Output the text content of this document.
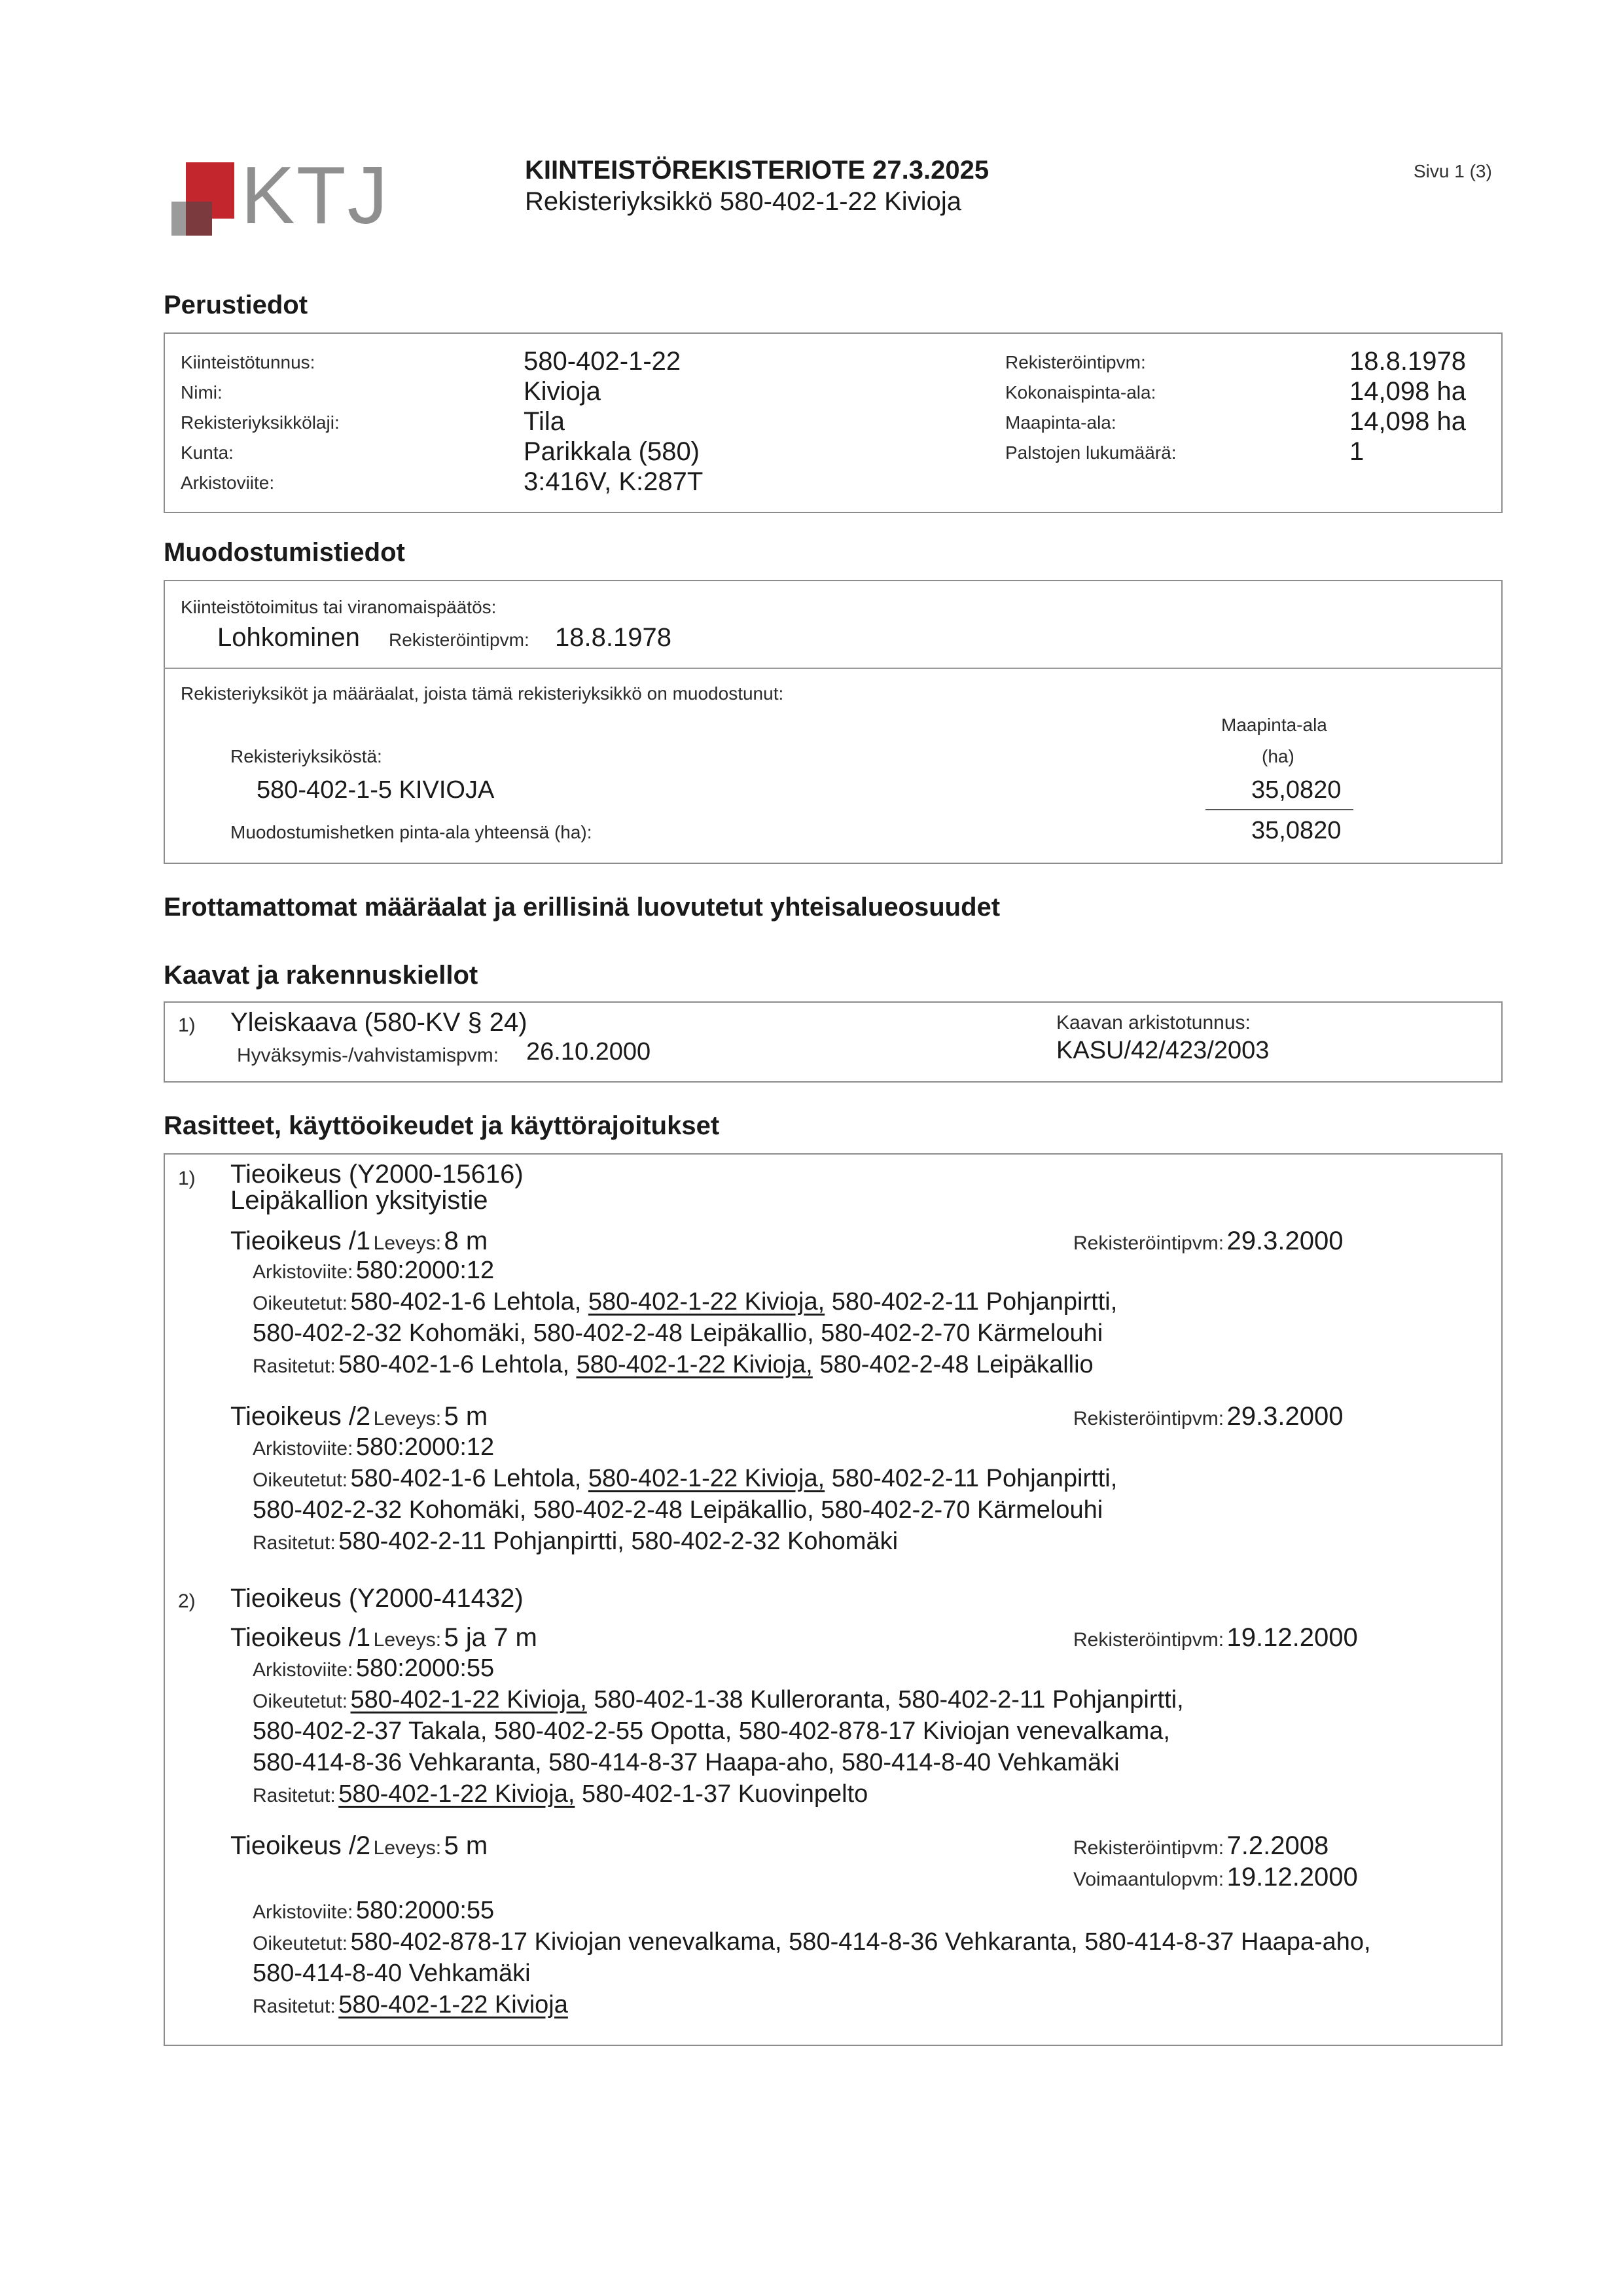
KTJ	KIINTEISTÖREKISTERIOTE 27.3.2025
Rekisteriyksikkö 580-402-1-22 Kivioja
Sivu 1 (3)
Perustiedot
Kiinteistötunnus:	580-402-1-22
Nimi:	Kivioja
Rekisteriyksikkölaji:	Tila
Kunta:	Parikkala (580)
Arkistoviite:	3:416V, K:287T
Rekisteröintipvm:	18.8.1978
Kokonaispinta-ala:	14,098 ha
Maapinta-ala:	14,098 ha
Palstojen lukumäärä:	1
Muodostumistiedot
Kiinteistötoimitus tai viranomaispäätös:
Lohkominen Rekisteröintipvm: 18.8.1978
Rekisteriyksiköt ja määräalat, joista tämä rekisteriyksikkö on muodostunut:
Maapinta-ala
(ha)
Rekisteriyksiköstä:
580-402-1-5 KIVIOJA	35,0820
Muodostumishetken pinta-ala yhteensä (ha):	35,0820
Erottamattomat määräalat ja erillisinä luovutetut yhteisalueosuudet
Kaavat ja rakennuskiellot
1) Yleiskaava (580-KV § 24)
Hyväksymis-/vahvistamispvm: 26.10.2000
Kaavan arkistotunnus:
KASU/42/423/2003
Rasitteet, käyttöoikeudet ja käyttörajoitukset
1) Tieoikeus (Y2000-15616)
Leipäkallion yksityistie
Tieoikeus /1 Leveys: 8 m	Rekisteröintipvm: 29.3.2000
Arkistoviite: 580:2000:12
Oikeutetut: 580-402-1-6 Lehtola, 580-402-1-22 Kivioja, 580-402-2-11 Pohjanpirtti,
580-402-2-32 Kohomäki, 580-402-2-48 Leipäkallio, 580-402-2-70 Kärmelouhi
Rasitetut: 580-402-1-6 Lehtola, 580-402-1-22 Kivioja, 580-402-2-48 Leipäkallio
Tieoikeus /2 Leveys: 5 m	Rekisteröintipvm: 29.3.2000
Arkistoviite: 580:2000:12
Oikeutetut: 580-402-1-6 Lehtola, 580-402-1-22 Kivioja, 580-402-2-11 Pohjanpirtti,
580-402-2-32 Kohomäki, 580-402-2-48 Leipäkallio, 580-402-2-70 Kärmelouhi
Rasitetut: 580-402-2-11 Pohjanpirtti, 580-402-2-32 Kohomäki
2) Tieoikeus (Y2000-41432)
Tieoikeus /1 Leveys: 5 ja 7 m	Rekisteröintipvm: 19.12.2000
Arkistoviite: 580:2000:55
Oikeutetut: 580-402-1-22 Kivioja, 580-402-1-38 Kulleroranta, 580-402-2-11 Pohjanpirtti,
580-402-2-37 Takala, 580-402-2-55 Opotta, 580-402-878-17 Kiviojan venevalkama,
580-414-8-36 Vehkaranta, 580-414-8-37 Haapa-aho, 580-414-8-40 Vehkamäki
Rasitetut: 580-402-1-22 Kivioja, 580-402-1-37 Kuovinpelto
Tieoikeus /2 Leveys: 5 m	Rekisteröintipvm: 7.2.2008
Voimaantulopvm: 19.12.2000
Arkistoviite: 580:2000:55
Oikeutetut: 580-402-878-17 Kiviojan venevalkama, 580-414-8-36 Vehkaranta, 580-414-8-37 Haapa-aho,
580-414-8-40 Vehkamäki
Rasitetut: 580-402-1-22 Kivioja
